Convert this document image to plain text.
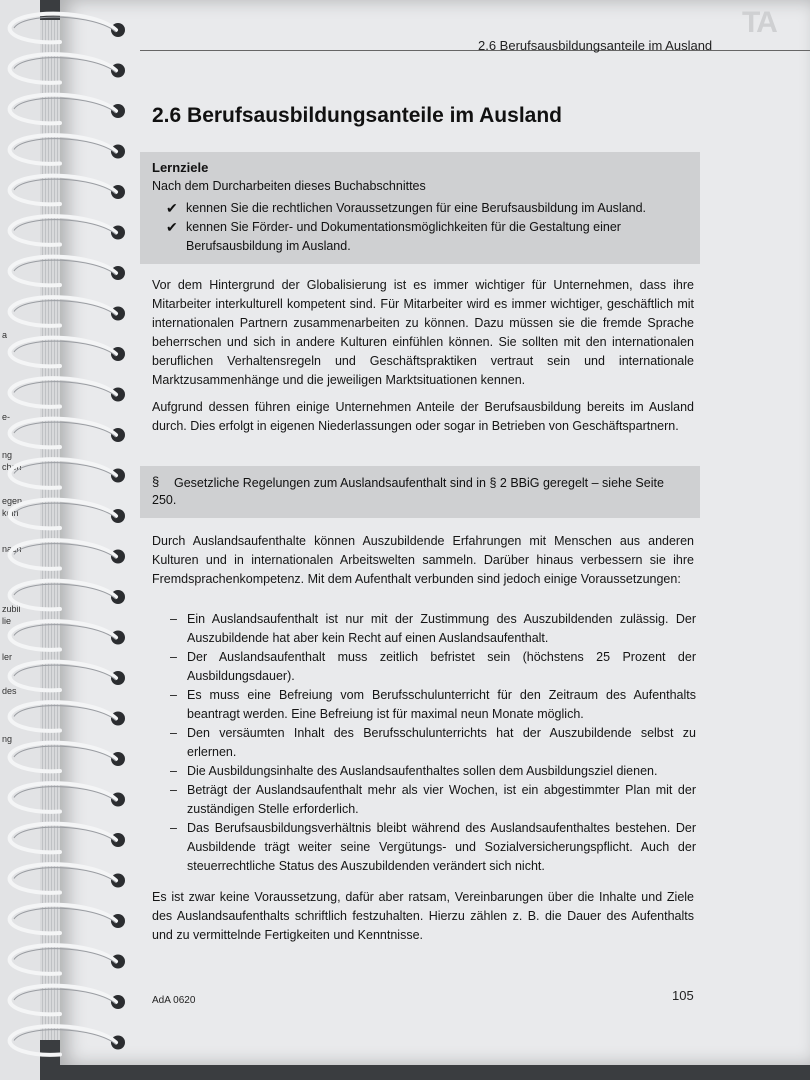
a
e-
ng
chen
egen
kein
nach
zubil
lie
ler
des
ng
2.6 Berufsausbildungsanteile im Ausland
TA
2.6 Berufsausbildungsanteile im Ausland
Lernziele
Nach dem Durcharbeiten dieses Buchabschnittes
✔ kennen Sie die rechtlichen Voraussetzungen für eine Berufsausbildung im Ausland.
✔ kennen Sie Förder- und Dokumentationsmöglichkeiten für die Gestaltung einer Berufsausbildung im Ausland.

Vor dem Hintergrund der Globalisierung ist es immer wichtiger für Unternehmen, dass ihre Mitarbeiter interkulturell kompetent sind. Für Mitarbeiter wird es immer wichtiger, geschäftlich mit internationalen Partnern zusammenarbeiten zu können. Dazu müssen sie die fremde Sprache beherrschen und sich in andere Kulturen einfühlen können. Sie sollten mit den internationalen beruflichen Verhaltensregeln und Geschäftspraktiken vertraut sein und internationale Marktzusammenhänge und die jeweiligen Marktsituationen kennen.

Aufgrund dessen führen einige Unternehmen Anteile der Berufsausbildung bereits im Ausland durch. Dies erfolgt in eigenen Niederlassungen oder sogar in Betrieben von Geschäftspartnern.

§ Gesetzliche Regelungen zum Auslandsaufenthalt sind in § 2 BBiG geregelt – siehe Seite
250.

Durch Auslandsaufenthalte können Auszubildende Erfahrungen mit Menschen aus anderen Kulturen und in internationalen Arbeitswelten sammeln. Darüber hinaus verbessern sie ihre Fremdsprachenkompetenz. Mit dem Aufenthalt verbunden sind jedoch einige Voraussetzungen:

– Ein Auslandsaufenthalt ist nur mit der Zustimmung des Auszubildenden zulässig. Der Auszubildende hat aber kein Recht auf einen Auslandsaufenthalt.
– Der Auslandsaufenthalt muss zeitlich befristet sein (höchstens 25 Prozent der Ausbildungsdauer).
– Es muss eine Befreiung vom Berufsschulunterricht für den Zeitraum des Aufenthalts beantragt werden. Eine Befreiung ist für maximal neun Monate möglich.
– Den versäumten Inhalt des Berufsschulunterrichts hat der Auszubildende selbst zu erlernen.
– Die Ausbildungsinhalte des Auslandsaufenthaltes sollen dem Ausbildungsziel dienen.
– Beträgt der Auslandsaufenthalt mehr als vier Wochen, ist ein abgestimmter Plan mit der zuständigen Stelle erforderlich.
– Das Berufsausbildungsverhältnis bleibt während des Auslandsaufenthaltes bestehen. Der Ausbildende trägt weiter seine Vergütungs- und Sozialversicherungspflicht. Auch der steuerrechtliche Status des Auszubildenden verändert sich nicht.

Es ist zwar keine Voraussetzung, dafür aber ratsam, Vereinbarungen über die Inhalte und Ziele des Auslandsaufenthalts schriftlich festzuhalten. Hierzu zählen z. B. die Dauer des Aufenthalts und zu vermittelnde Fertigkeiten und Kenntnisse.

AdA 0620	105
